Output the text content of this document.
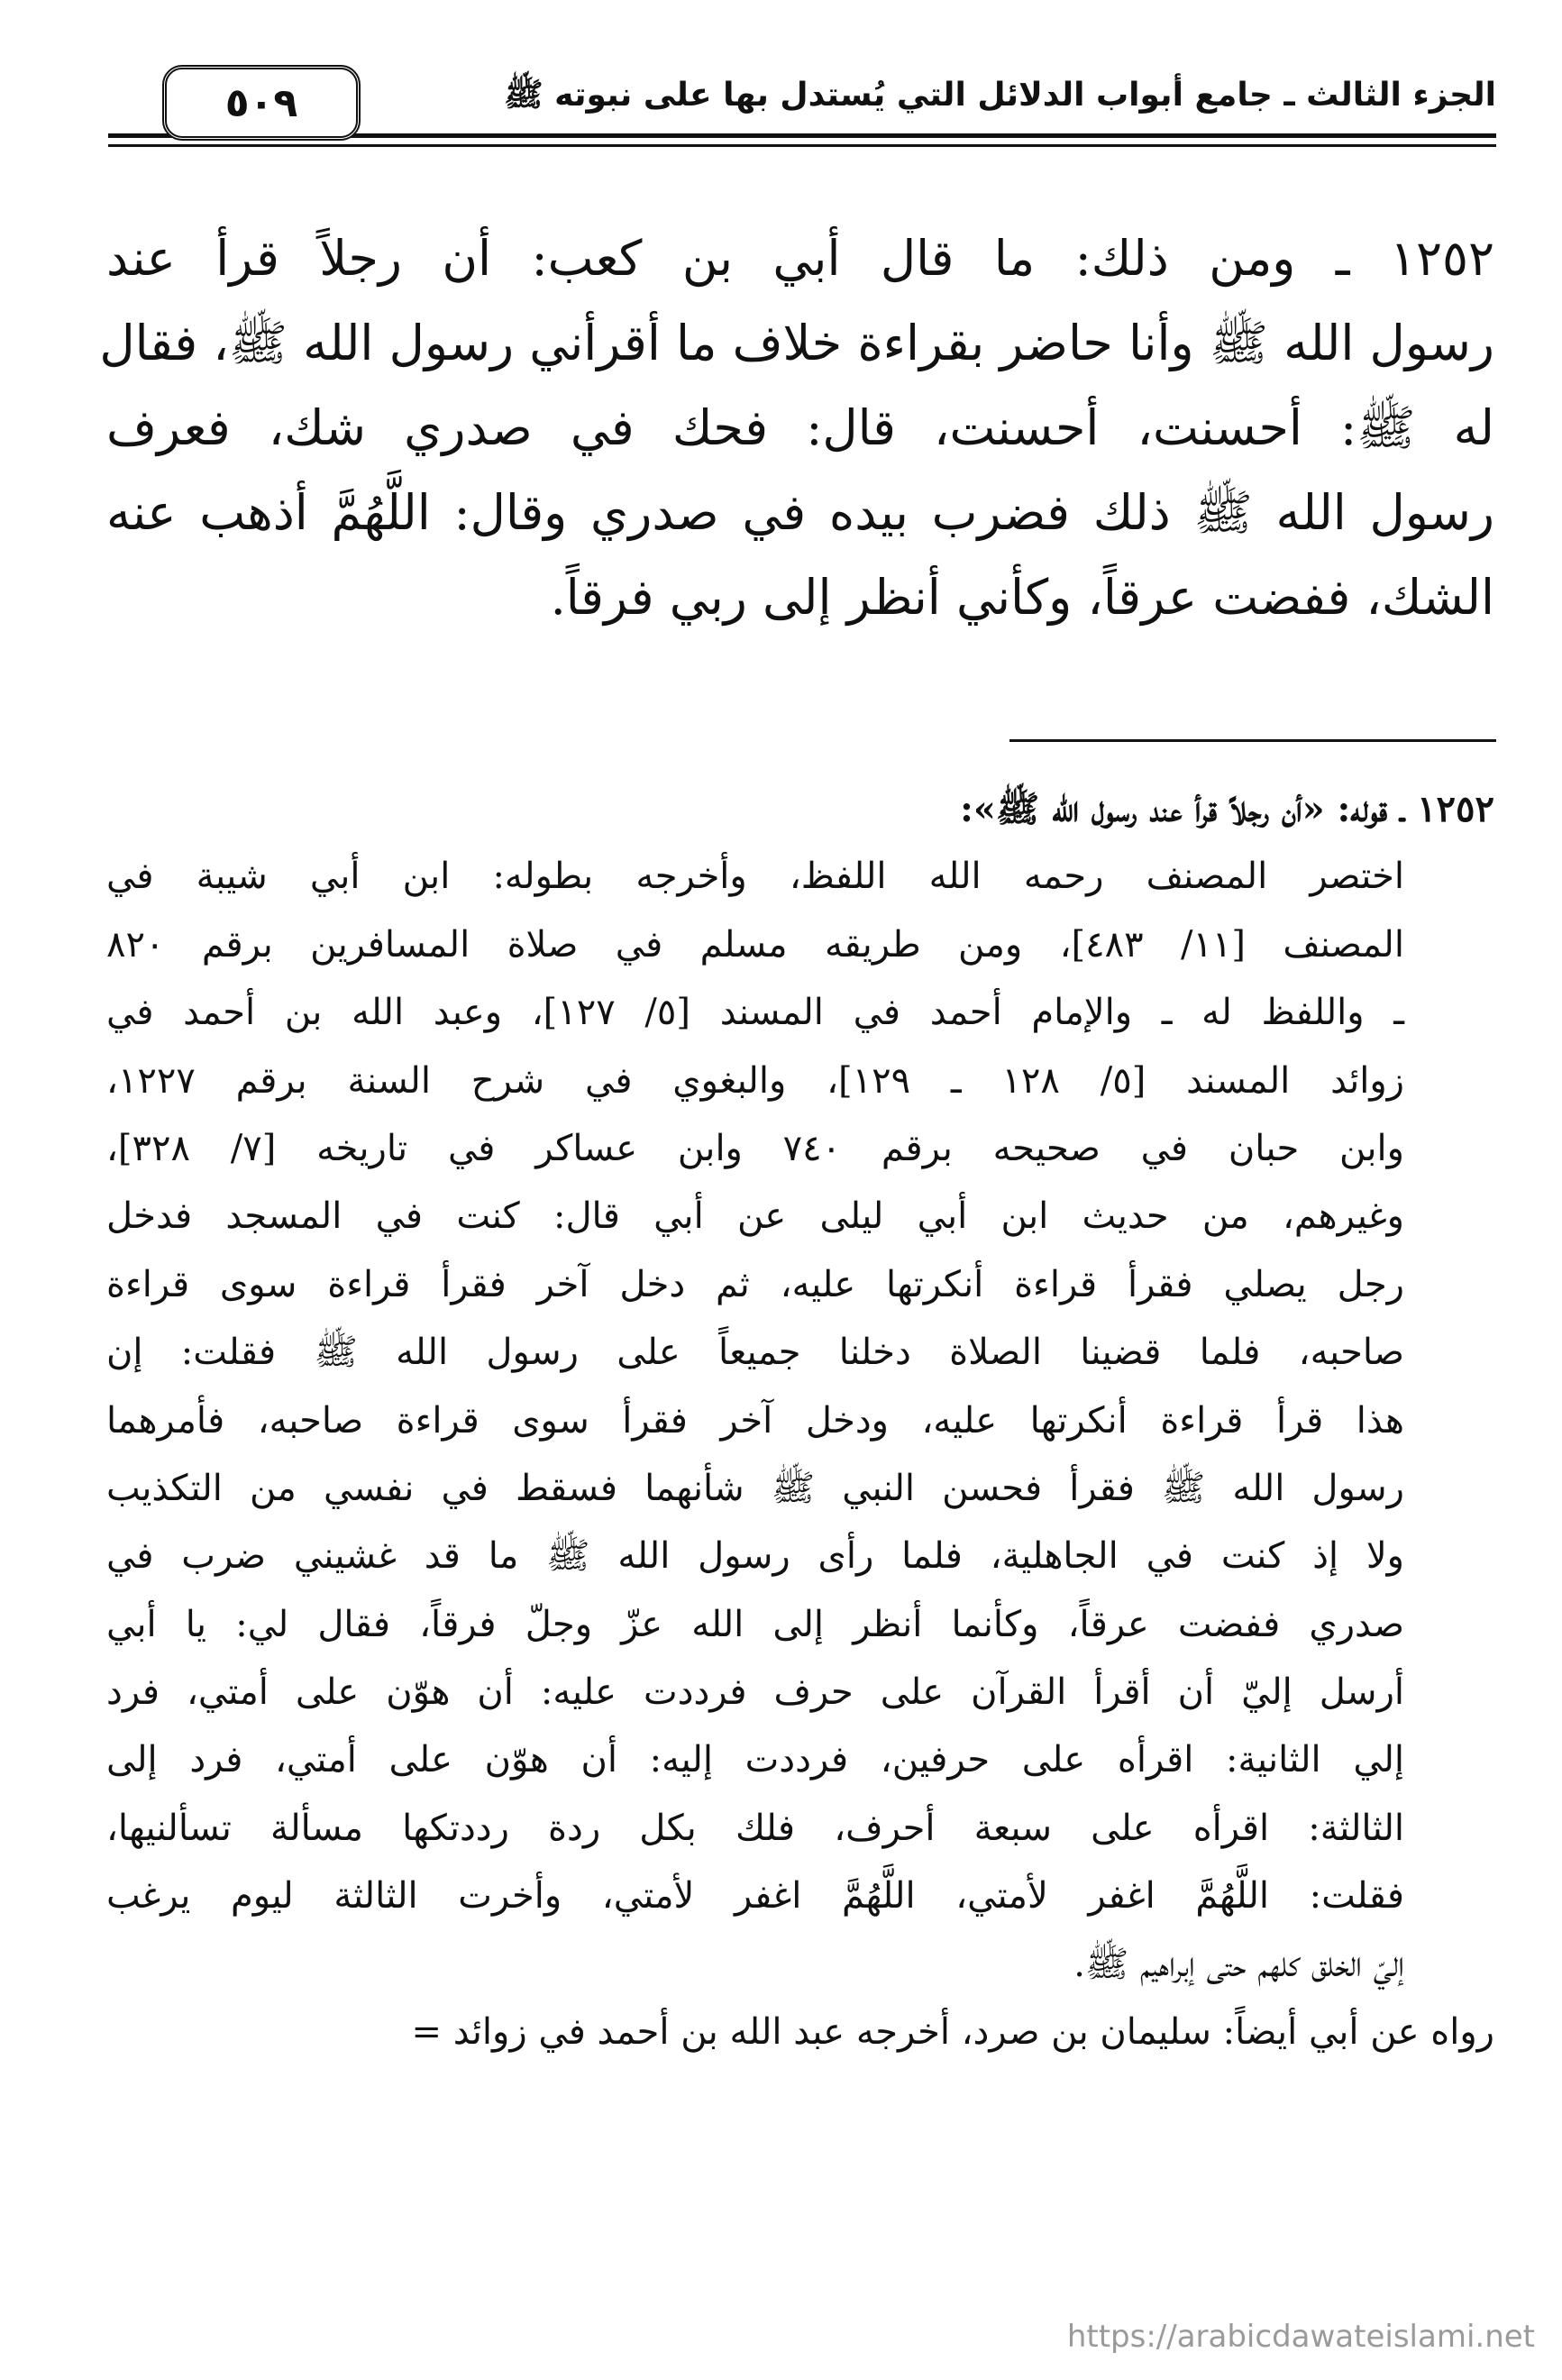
الجزء الثالث ـ جامع أبواب الدلائل التي يُستدل بها على نبوته ﷺ
٥٠٩
١٢٥٢ ـ ومن ذلك: ما قال أبي بن كعب: أن رجلاً قرأ عند
رسول الله ﷺ وأنا حاضر بقراءة خلاف ما أقرأني رسول الله ﷺ، فقال
له ﷺ: أحسنت، أحسنت، قال: فحك في صدري شك، فعرف
رسول الله ﷺ ذلك فضرب بيده في صدري وقال: اللَّهُمَّ أذهب عنه
الشك، ففضت عرقاً، وكأني أنظر إلى ربي فرقاً.
١٢٥٢ ـ قوله: «أن رجلاً قرأ عند رسول الله ﷺ»:
اختصر المصنف رحمه الله اللفظ، وأخرجه بطوله: ابن أبي شيبة في
المصنف [١١/ ٤٨٣]، ومن طريقه مسلم في صلاة المسافرين برقم ٨٢٠
ـ واللفظ له ـ والإمام أحمد في المسند [٥/ ١٢٧]، وعبد الله بن أحمد في
زوائد المسند [٥/ ١٢٨ ـ ١٢٩]، والبغوي في شرح السنة برقم ١٢٢٧،
وابن حبان في صحيحه برقم ٧٤٠ وابن عساكر في تاريخه [٧/ ٣٢٨]،
وغيرهم، من حديث ابن أبي ليلى عن أبي قال: كنت في المسجد فدخل
رجل يصلي فقرأ قراءة أنكرتها عليه، ثم دخل آخر فقرأ قراءة سوى قراءة
صاحبه، فلما قضينا الصلاة دخلنا جميعاً على رسول الله ﷺ فقلت: إن
هذا قرأ قراءة أنكرتها عليه، ودخل آخر فقرأ سوى قراءة صاحبه، فأمرهما
رسول الله ﷺ فقرأ فحسن النبي ﷺ شأنهما فسقط في نفسي من التكذيب
ولا إذ كنت في الجاهلية، فلما رأى رسول الله ﷺ ما قد غشيني ضرب في
صدري ففضت عرقاً، وكأنما أنظر إلى الله عزّ وجلّ فرقاً، فقال لي: يا أبي
أرسل إليّ أن أقرأ القرآن على حرف فرددت عليه: أن هوّن على أمتي، فرد
إلي الثانية: اقرأه على حرفين، فرددت إليه: أن هوّن على أمتي، فرد إلى
الثالثة: اقرأه على سبعة أحرف، فلك بكل ردة رددتكها مسألة تسألنيها،
فقلت: اللَّهُمَّ اغفر لأمتي، اللَّهُمَّ اغفر لأمتي، وأخرت الثالثة ليوم يرغب
إليّ الخلق كلهم حتى إبراهيم ﷺ.
رواه عن أبي أيضاً: سليمان بن صرد، أخرجه عبد الله بن أحمد في زوائد =
https://arabicdawateislami.net
